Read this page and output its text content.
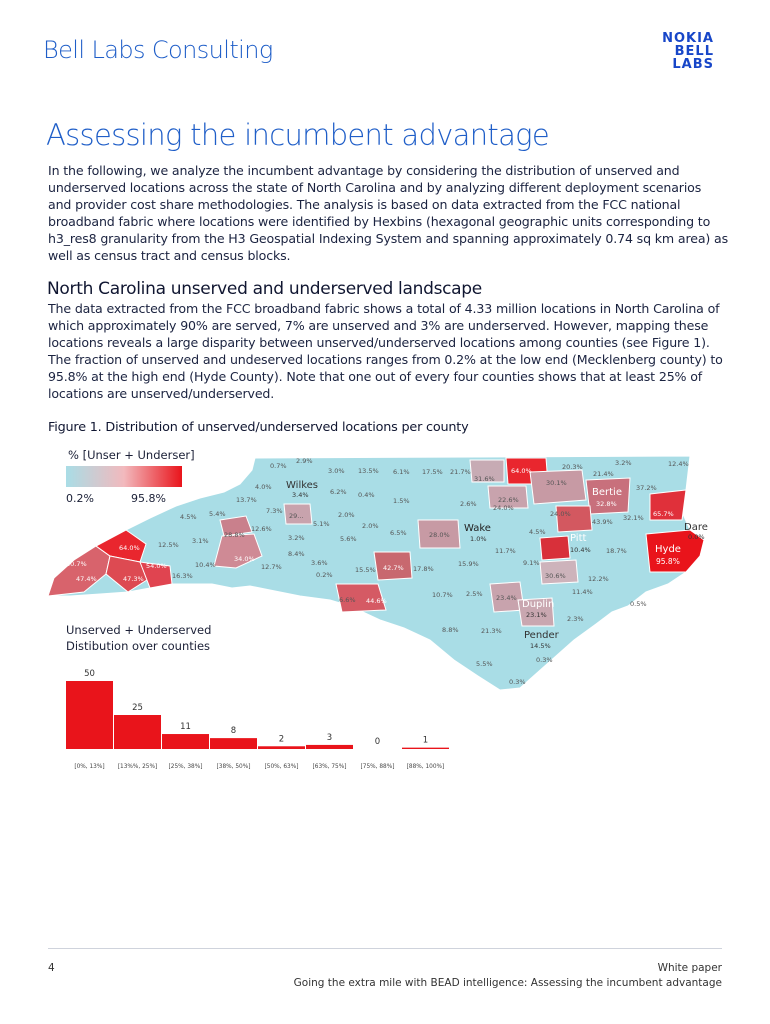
Bell Labs Consulting	NOKIA
BELL
LABS
Assessing the incumbent advantage

In the following, we analyze the incumbent advantage by considering the distribution of unserved and underserved locations across the state of North Carolina and by analyzing different deployment scenarios and provider cost share methodologies. The analysis is based on data extracted from the FCC national broadband fabric where locations were identified by Hexbins (hexagonal geographic units corresponding to h3_res8 granularity from the H3 Geospatial Indexing System and spanning approximately 0.74 sq km area) as well as census tract and census blocks.

North Carolina unserved and underserved landscape

The data extracted from the FCC broadband fabric shows a total of 4.33 million locations in North Carolina of which approximately 90% are served, 7% are unserved and 3% are underserved. However, mapping these locations reveals a large disparity between unserved/underserved locations among counties (see Figure 1). The fraction of unserved and undeserved locations ranges from 0.2% at the low end (Mecklenberg county) to 95.8% at the high end (Hyde County). Note that one out of every four counties shows that at least 25% of locations are unserved/underserved.

Figure 1. Distribution of unserved/underserved locations per county
0.7%
2.9%
3.0% 13.5% 6.1% 17.5% 21.7%	64.0%	20.3%	3.2%	12.4%
4.0%
6.2% 0.4%
1.5%
31.6%	30.1%
21.4%
37.2%
13.7%
7.3%
29...	2.0%
2.6%	22.6%
24.0%
24.0%	65.7%
4.5% 5.4%
12.6%
5.1%	2.0%
6.5%	28.0%	4.5%
32.1%
43.9%
28.8%	3.2%	5.6%
11.7%	18.7%
12.5% 3.1%
8.4%
34.0%	9.1%
30.6%
64.0%
10.4%	12.7%	3.6%
15.5% 42.7% 17.8%
15.9%
12.2%
60.7%	54.0%
16.3%	0.2%
11.4%
47.4%	47.3%
6.6% 44.6%
10.7% 2.5% 23.4%
0.5%
8.8%	21.3%
2.3%
5.5%	0.3%
0.3%
Wilkes
3.4%
Wake
1.0%	Pitt
10.4%
Bertie
32.8%
Dare
0.0%
Hyde
95.8%
Duplin
23.1%
Pender
14.5%
% [Unser + Underser]
0.2%	95.8%
Unserved + Underserved Distibution over counties
50
[0%, 13%]
25
[13%%, 25%]
11
[25%, 38%]
8
[38%, 50%]
2
[50%, 63%]
3
[63%, 75%]
0
[75%, 88%]
1
[88%, 100%]
4	White paper
Going the extra mile with BEAD intelligence: Assessing the incumbent advantage
